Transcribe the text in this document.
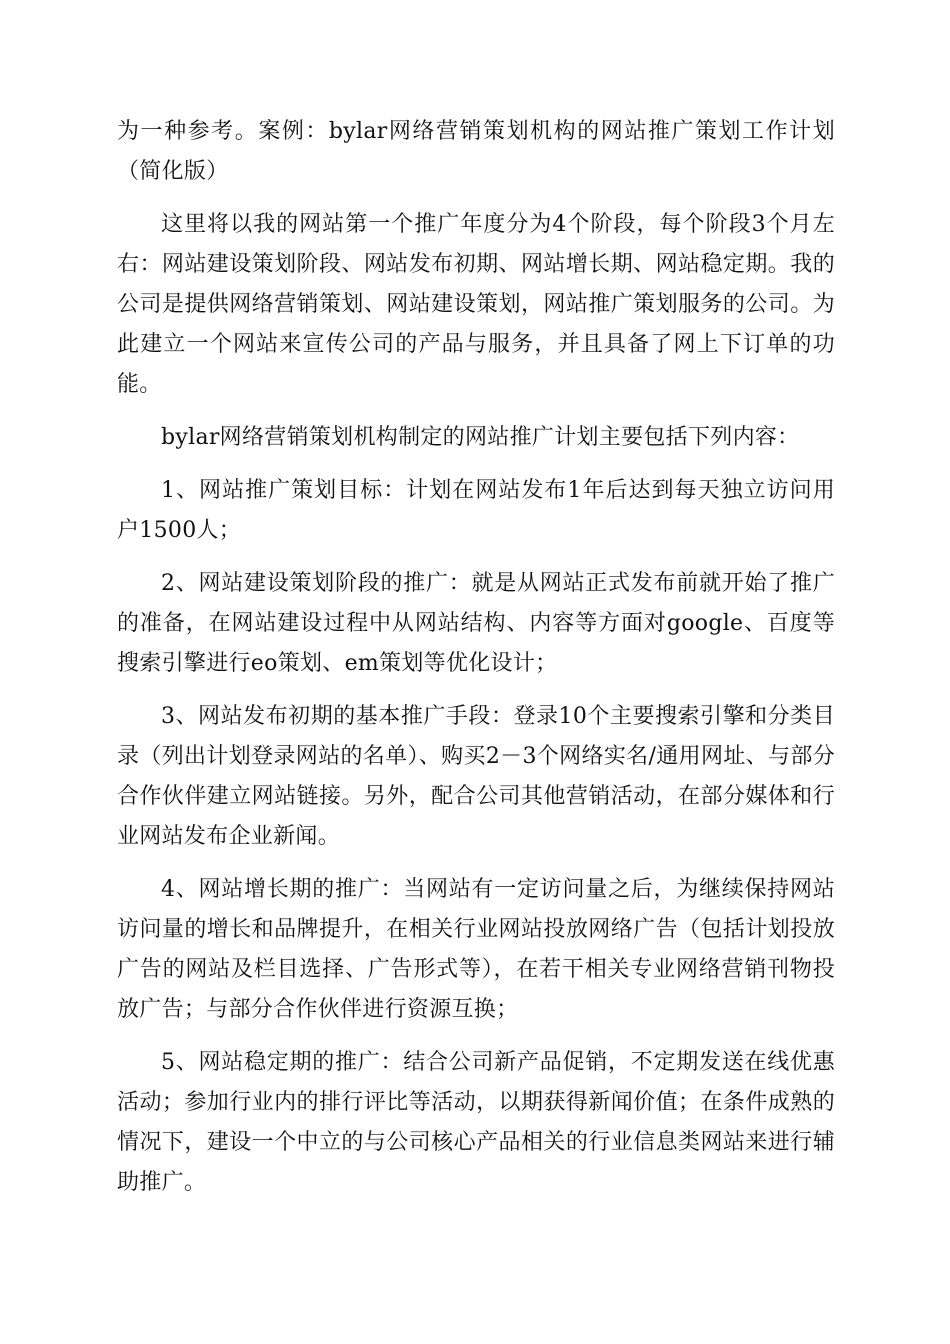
为一种参考。案例：bylar网络营销策划机构的网站推广策划工作计划（简化版）

这里将以我的网站第一个推广年度分为4个阶段，每个阶段3个月左右：网站建设策划阶段、网站发布初期、网站增长期、网站稳定期。我的公司是提供网络营销策划、网站建设策划，网站推广策划服务的公司。为此建立一个网站来宣传公司的产品与服务，并且具备了网上下订单的功能。

bylar网络营销策划机构制定的网站推广计划主要包括下列内容：

1、网站推广策划目标：计划在网站发布1年后达到每天独立访问用户1500人；

2、网站建设策划阶段的推广：就是从网站正式发布前就开始了推广的准备，在网站建设过程中从网站结构、内容等方面对google、百度等搜索引擎进行eo策划、em策划等优化设计；

3、网站发布初期的基本推广手段：登录10个主要搜索引擎和分类目录（列出计划登录网站的名单）、购买2－3个网络实名/通用网址、与部分合作伙伴建立网站链接。另外，配合公司其他营销活动，在部分媒体和行业网站发布企业新闻。

4、网站增长期的推广：当网站有一定访问量之后，为继续保持网站访问量的增长和品牌提升，在相关行业网站投放网络广告（包括计划投放广告的网站及栏目选择、广告形式等），在若干相关专业网络营销刊物投放广告；与部分合作伙伴进行资源互换；

5、网站稳定期的推广：结合公司新产品促销，不定期发送在线优惠活动；参加行业内的排行评比等活动，以期获得新闻价值；在条件成熟的情况下，建设一个中立的与公司核心产品相关的行业信息类网站来进行辅助推广。
